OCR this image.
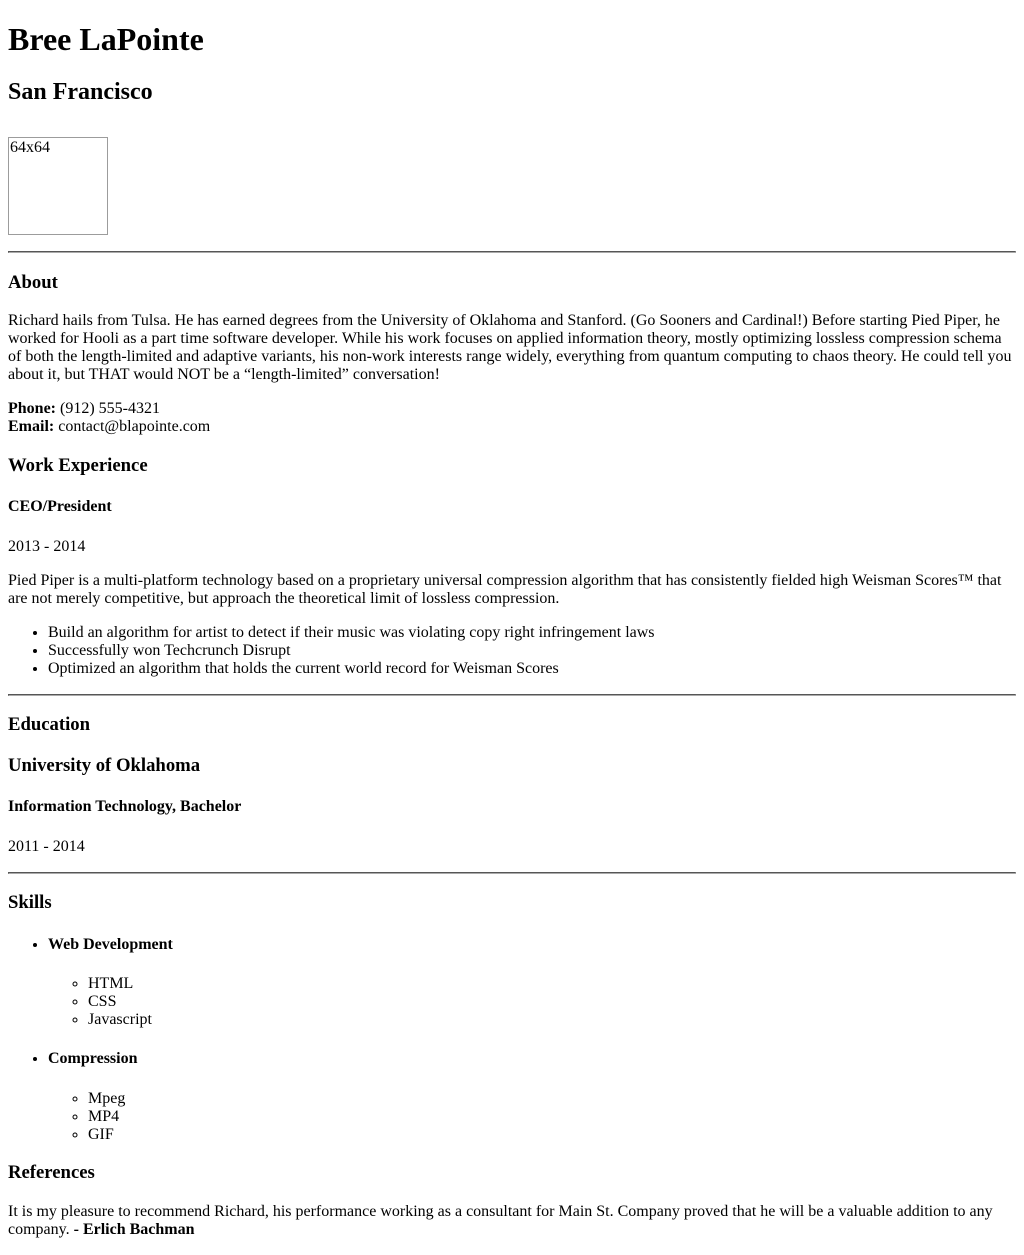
Bree LaPointe
San Francisco

64x64

About

Richard hails from Tulsa. He has earned degrees from the University of Oklahoma and Stanford. (Go Sooners and Cardinal!) Before starting Pied Piper, he worked for Hooli as a part time software developer. While his work focuses on applied information theory, mostly optimizing lossless compression schema of both the length-limited and adaptive variants, his non-work interests range widely, everything from quantum computing to chaos theory. He could tell you about it, but THAT would NOT be a “length-limited” conversation!

Phone: (912) 555-4321
Email: contact@blapointe.com

Work Experience
CEO/President

2013 - 2014

Pied Piper is a multi-platform technology based on a proprietary universal compression algorithm that has consistently fielded high Weisman Scores™ that are not merely competitive, but approach the theoretical limit of lossless compression.

• Build an algorithm for artist to detect if their music was violating copy right infringement laws
• Successfully won Techcrunch Disrupt
• Optimized an algorithm that holds the current world record for Weisman Scores
Education
University of Oklahoma
Information Technology, Bachelor

2011 - 2014

Skills
• Web Development
◦ HTML
◦ CSS
◦ Javascript
• Compression
◦ Mpeg
◦ MP4
◦ GIF
References

It is my pleasure to recommend Richard, his performance working as a consultant for Main St. Company proved that he will be a valuable addition to any company. - Erlich Bachman
